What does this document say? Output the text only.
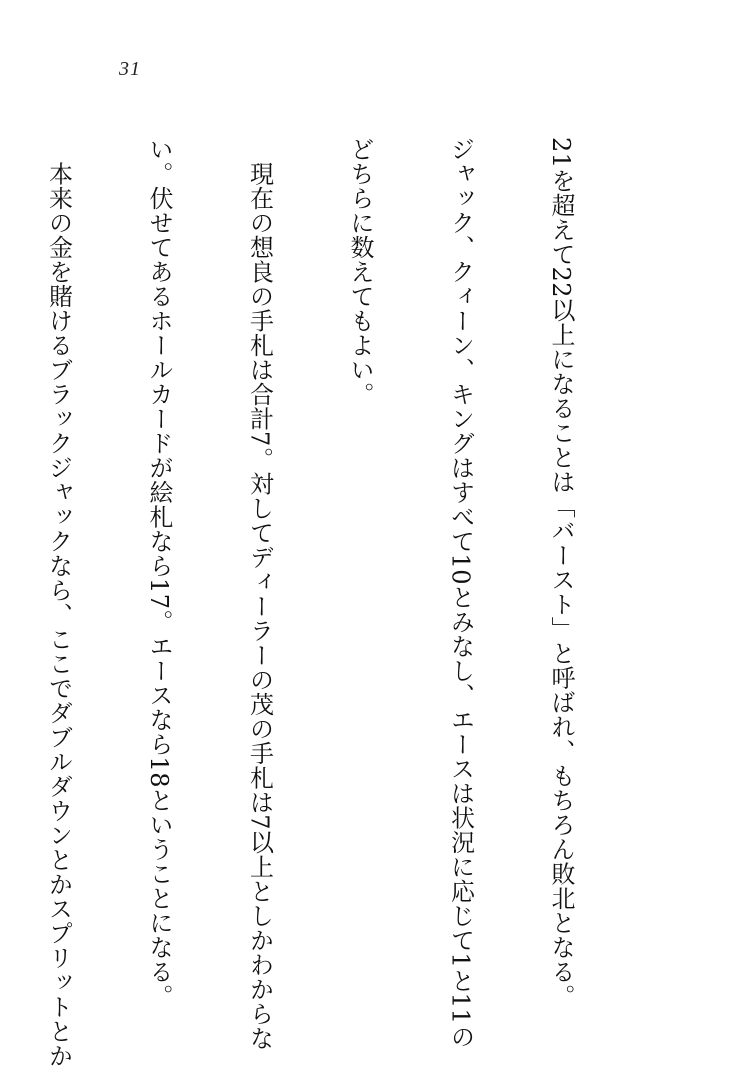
31

21を超えて22以上になることは「バースト」と呼ばれ、もちろん敗北となる。

ジャック、クィーン、キングはすべて10とみなし、エースは状況に応じて1と11の

どちらに数えてもよい。

　現在の想良の手札は合計7。対してディーラーの茂の手札は7以上としかわからな

い。伏せてあるホールカードが絵札なら17。エースなら18ということになる。

　本来の金を賭けるブラックジャックなら、ここでダブルダウンとかスプリットとか
